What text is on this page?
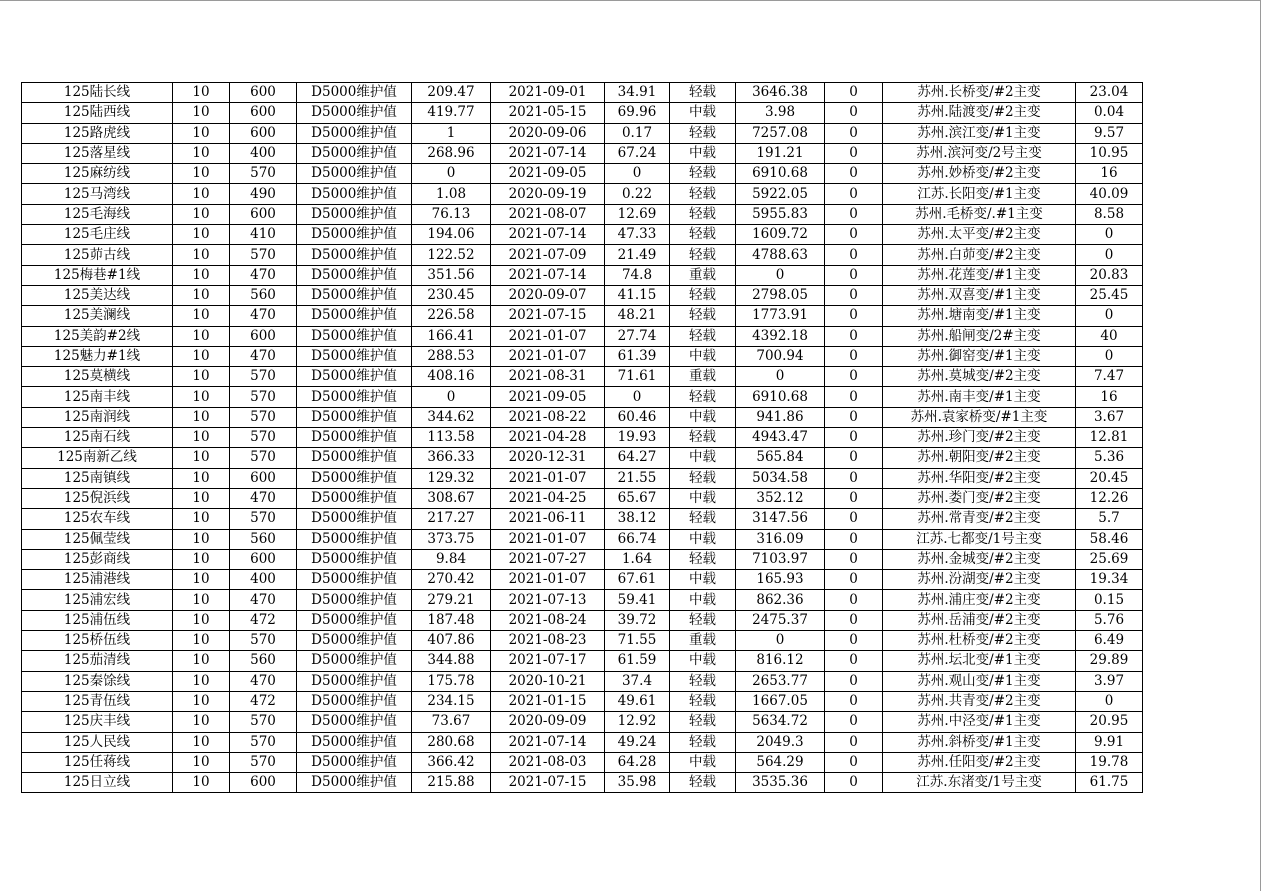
125陆长线	10	600	D5000维护值	209.47	2021-09-01	34.91	轻载	3646.38	0	苏州.长桥变/#2主变	23.04
125陆西线	10	600	D5000维护值	419.77	2021-05-15	69.96	中载	3.98	0	苏州.陆渡变/#2主变	0.04
125路虎线	10	600	D5000维护值	1	2020-09-06	0.17	轻载	7257.08	0	苏州.滨江变/#1主变	9.57
125落星线	10	400	D5000维护值	268.96	2021-07-14	67.24	中载	191.21	0	苏州.滨河变/2号主变	10.95
125麻纺线	10	570	D5000维护值	0	2021-09-05	0	轻载	6910.68	0	苏州.妙桥变/#2主变	16
125马湾线	10	490	D5000维护值	1.08	2020-09-19	0.22	轻载	5922.05	0	江苏.长阳变/#1主变	40.09
125毛海线	10	600	D5000维护值	76.13	2021-08-07	12.69	轻载	5955.83	0	苏州.毛桥变/.#1主变	8.58
125毛庄线	10	410	D5000维护值	194.06	2021-07-14	47.33	轻载	1609.72	0	苏州.太平变/#2主变	0
125茆古线	10	570	D5000维护值	122.52	2021-07-09	21.49	轻载	4788.63	0	苏州.白茆变/#2主变	0
125梅巷#1线	10	470	D5000维护值	351.56	2021-07-14	74.8	重载	0	0	苏州.花莲变/#1主变	20.83
125美达线	10	560	D5000维护值	230.45	2020-09-07	41.15	轻载	2798.05	0	苏州.双喜变/#1主变	25.45
125美澜线	10	470	D5000维护值	226.58	2021-07-15	48.21	轻载	1773.91	0	苏州.塘南变/#1主变	0
125美韵#2线	10	600	D5000维护值	166.41	2021-01-07	27.74	轻载	4392.18	0	苏州.船闸变/2#主变	40
125魅力#1线	10	470	D5000维护值	288.53	2021-01-07	61.39	中载	700.94	0	苏州.御窑变/#1主变	0
125莫横线	10	570	D5000维护值	408.16	2021-08-31	71.61	重载	0	0	苏州.莫城变/#2主变	7.47
125南丰线	10	570	D5000维护值	0	2021-09-05	0	轻载	6910.68	0	苏州.南丰变/#1主变	16
125南润线	10	570	D5000维护值	344.62	2021-08-22	60.46	中载	941.86	0	苏州.袁家桥变/#1主变	3.67
125南石线	10	570	D5000维护值	113.58	2021-04-28	19.93	轻载	4943.47	0	苏州.珍门变/#2主变	12.81
125南新乙线	10	570	D5000维护值	366.33	2020-12-31	64.27	中载	565.84	0	苏州.朝阳变/#2主变	5.36
125南镇线	10	600	D5000维护值	129.32	2021-01-07	21.55	轻载	5034.58	0	苏州.华阳变/#2主变	20.45
125倪浜线	10	470	D5000维护值	308.67	2021-04-25	65.67	中载	352.12	0	苏州.娄门变/#2主变	12.26
125农车线	10	570	D5000维护值	217.27	2021-06-11	38.12	轻载	3147.56	0	苏州.常青变/#2主变	5.7
125佩莹线	10	560	D5000维护值	373.75	2021-01-07	66.74	中载	316.09	0	江苏.七都变/1号主变	58.46
125彭商线	10	600	D5000维护值	9.84	2021-07-27	1.64	轻载	7103.97	0	苏州.金城变/#2主变	25.69
125浦港线	10	400	D5000维护值	270.42	2021-01-07	67.61	中载	165.93	0	苏州.汾湖变/#2主变	19.34
125浦宏线	10	470	D5000维护值	279.21	2021-07-13	59.41	中载	862.36	0	苏州.浦庄变/#2主变	0.15
125浦伍线	10	472	D5000维护值	187.48	2021-08-24	39.72	轻载	2475.37	0	苏州.岳浦变/#2主变	5.76
125桥伍线	10	570	D5000维护值	407.86	2021-08-23	71.55	重载	0	0	苏州.杜桥变/#2主变	6.49
125茄清线	10	560	D5000维护值	344.88	2021-07-17	61.59	中载	816.12	0	苏州.坛北变/#1主变	29.89
125秦馀线	10	470	D5000维护值	175.78	2020-10-21	37.4	轻载	2653.77	0	苏州.观山变/#1主变	3.97
125青伍线	10	472	D5000维护值	234.15	2021-01-15	49.61	轻载	1667.05	0	苏州.共青变/#2主变	0
125庆丰线	10	570	D5000维护值	73.67	2020-09-09	12.92	轻载	5634.72	0	苏州.中泾变/#1主变	20.95
125人民线	10	570	D5000维护值	280.68	2021-07-14	49.24	轻载	2049.3	0	苏州.斜桥变/#1主变	9.91
125任蒋线	10	570	D5000维护值	366.42	2021-08-03	64.28	中载	564.29	0	苏州.任阳变/#2主变	19.78
125日立线	10	600	D5000维护值	215.88	2021-07-15	35.98	轻载	3535.36	0	江苏.东渚变/1号主变	61.75
